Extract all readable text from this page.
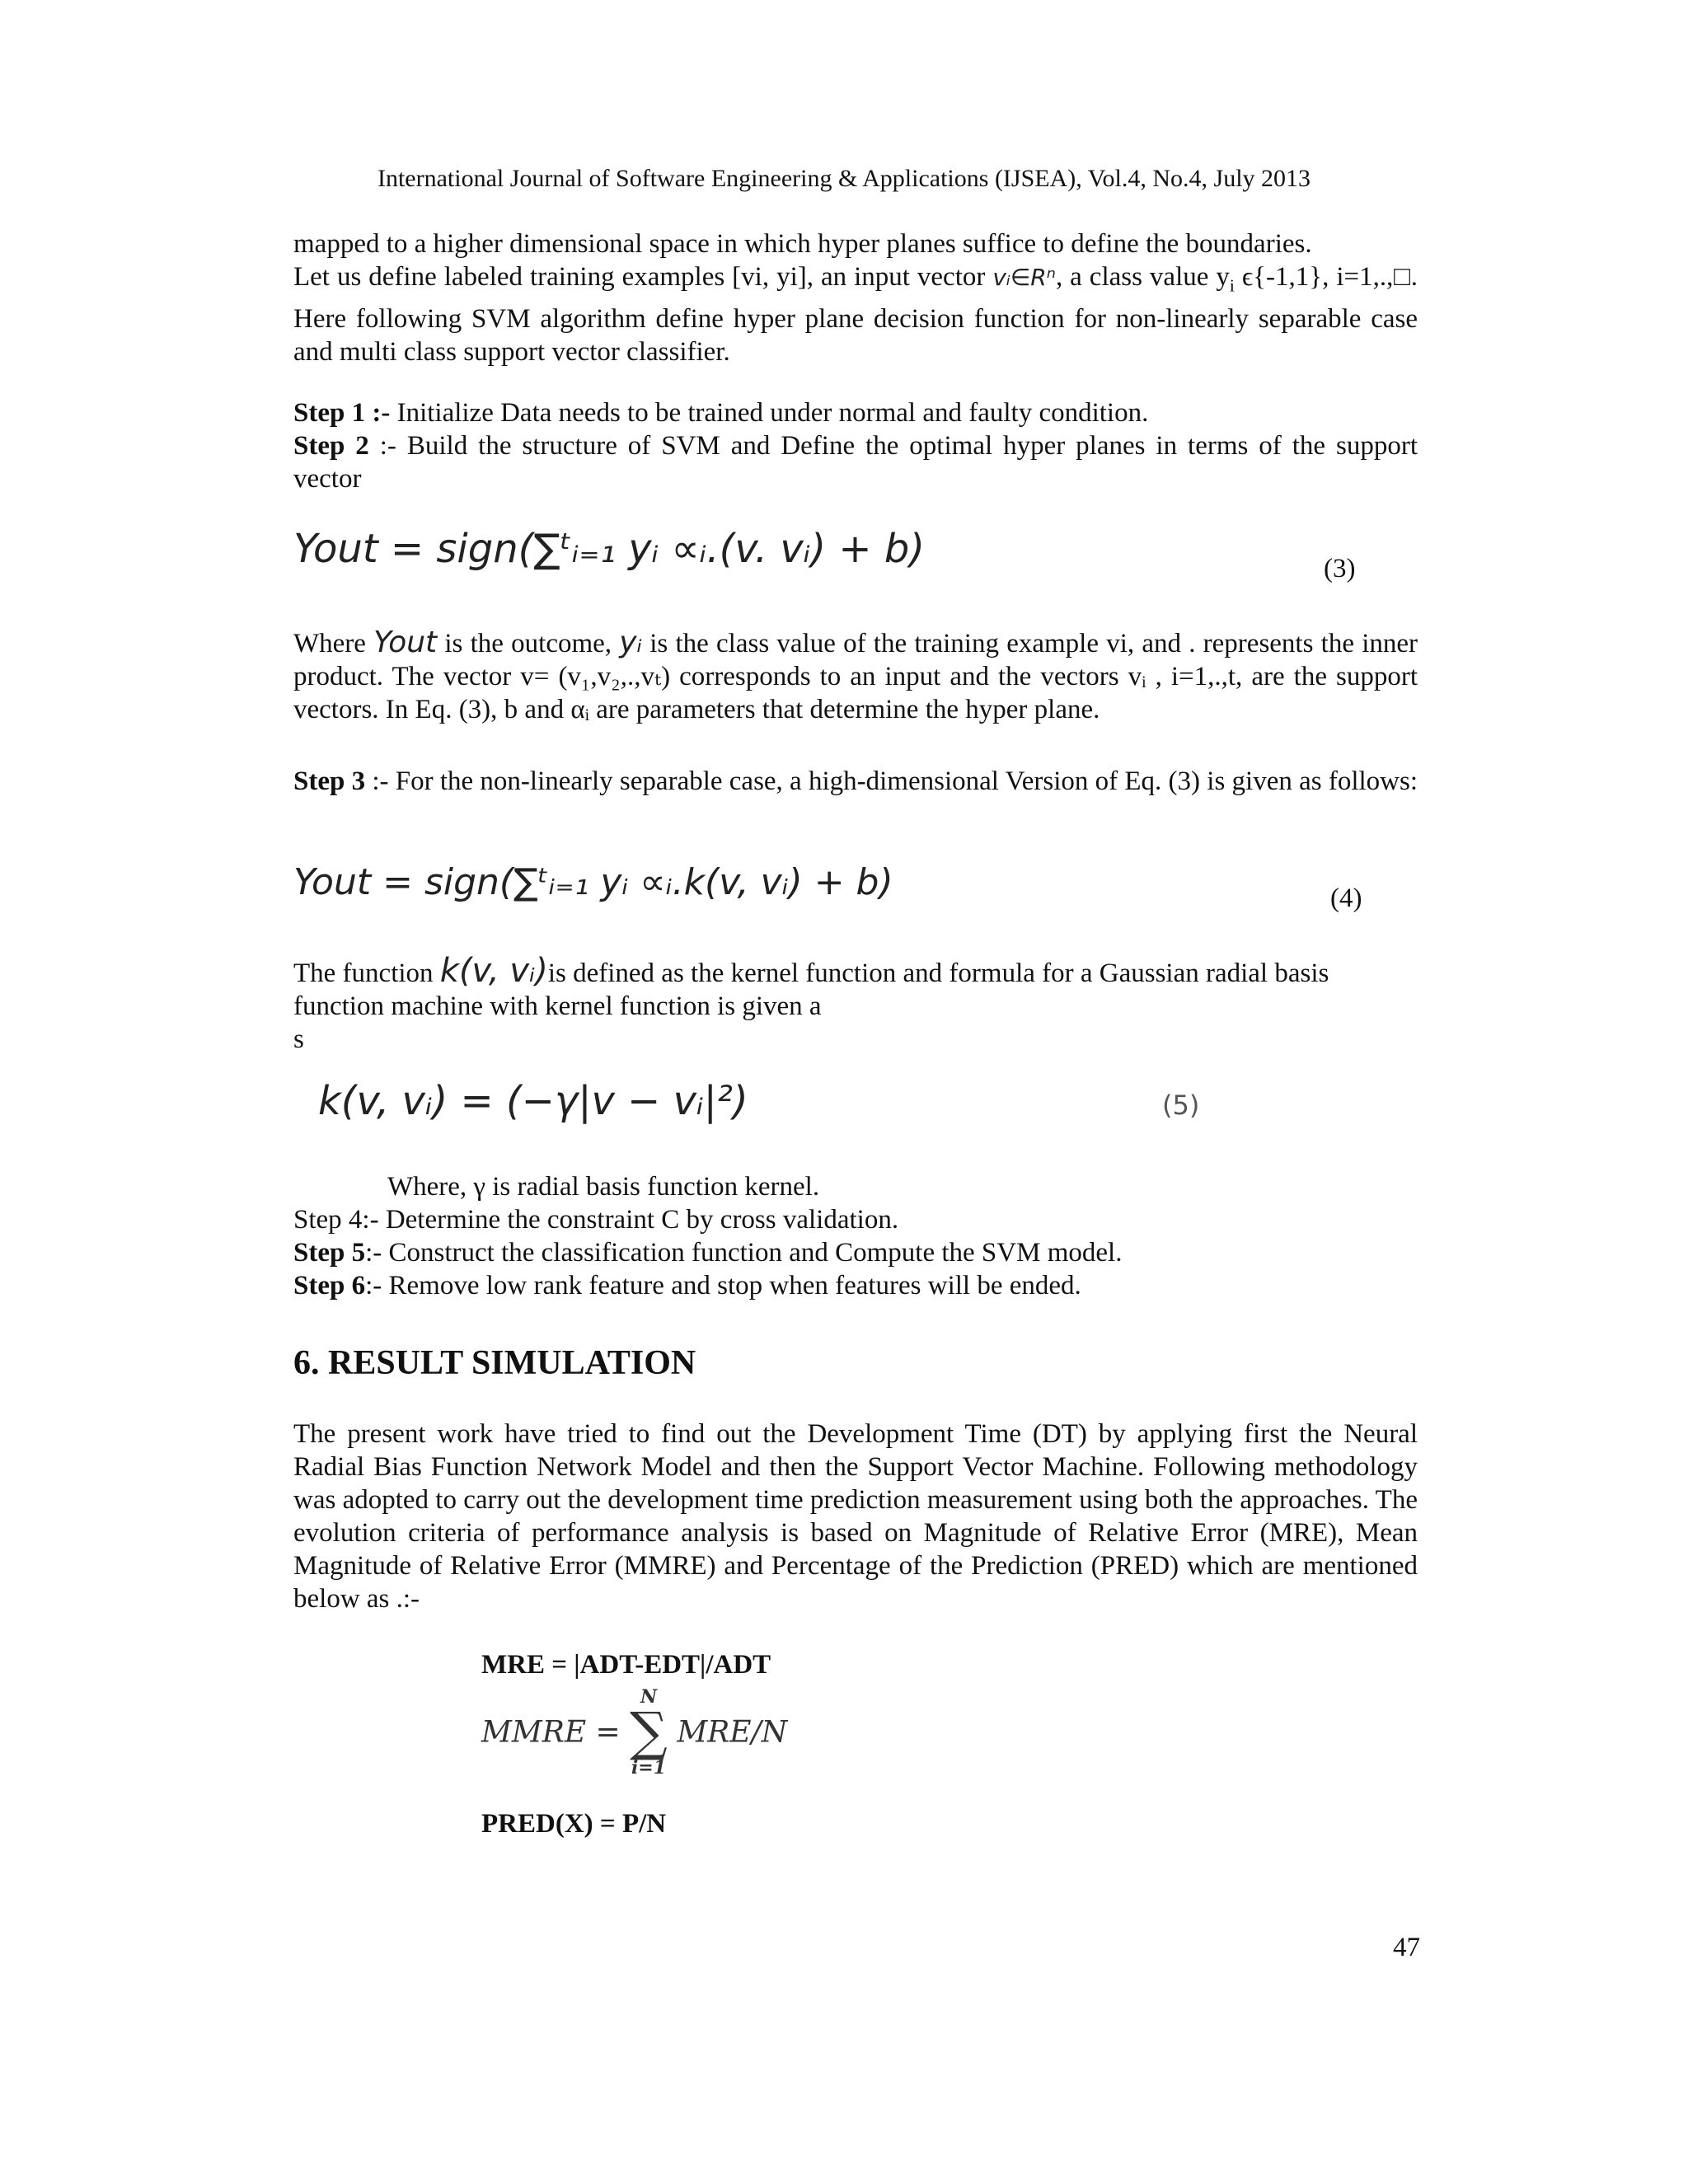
International Journal of Software Engineering & Applications (IJSEA), Vol.4, No.4, July 2013

mapped to a higher dimensional space in which hyper planes suffice to define the boundaries.

Let us define labeled training examples [vi, yi], an input vector vᵢ∈Rⁿ, a class value $y_i$ ϵ{-1,1}, i=1,.,□. Here following SVM algorithm define hyper plane decision function for non-linearly separable case and multi class support vector classifier.

Step 1 :- Initialize Data needs to be trained under normal and faulty condition.

Step 2 :- Build the structure of SVM and Define the optimal hyper planes in terms of the support vector

Yout = sign(∑ᵗᵢ₌₁ yᵢ ∝ᵢ.(v. vᵢ) + b)	(3)
Where Yout is the outcome, yᵢ is the class value of the training example vi, and . represents the inner product. The vector v= (v₁,v₂,.,vₜ) corresponds to an input and the vectors vᵢ , i=1,.,t, are the support vectors. In Eq. (3), b and αᵢ are parameters that determine the hyper plane.
Step 3 :- For the non-linearly separable case, a high-dimensional Version of Eq. (3) is given as follows:
Yout = sign(∑ᵗᵢ₌₁ yᵢ ∝ᵢ.k(v, vᵢ) + b)	(4)
The function k(v, vᵢ)is defined as the kernel function and formula for a Gaussian radial basis function machine with kernel function is given a
s
k(v, vᵢ) = (−γ|v − vᵢ|²)	(5)
Where, γ is radial basis function kernel.

Step 4:- Determine the constraint C by cross validation.

Step 5:- Construct the classification function and Compute the SVM model.

Step 6:- Remove low rank feature and stop when features will be ended.

6. RESULT SIMULATION
The present work have tried to find out the Development Time (DT) by applying first the Neural Radial Bias Function Network Model and then the Support Vector Machine. Following methodology was adopted to carry out the development time prediction measurement using both the approaches. The evolution criteria of performance analysis is based on Magnitude of Relative Error (MRE), Mean Magnitude of Relative Error (MMRE) and Percentage of the Prediction (PRED) which are mentioned below as .:-
MRE = |ADT-EDT|/ADT
MMRE =
N
∑
i=1
MRE/N
PRED(X) = P/N
47
